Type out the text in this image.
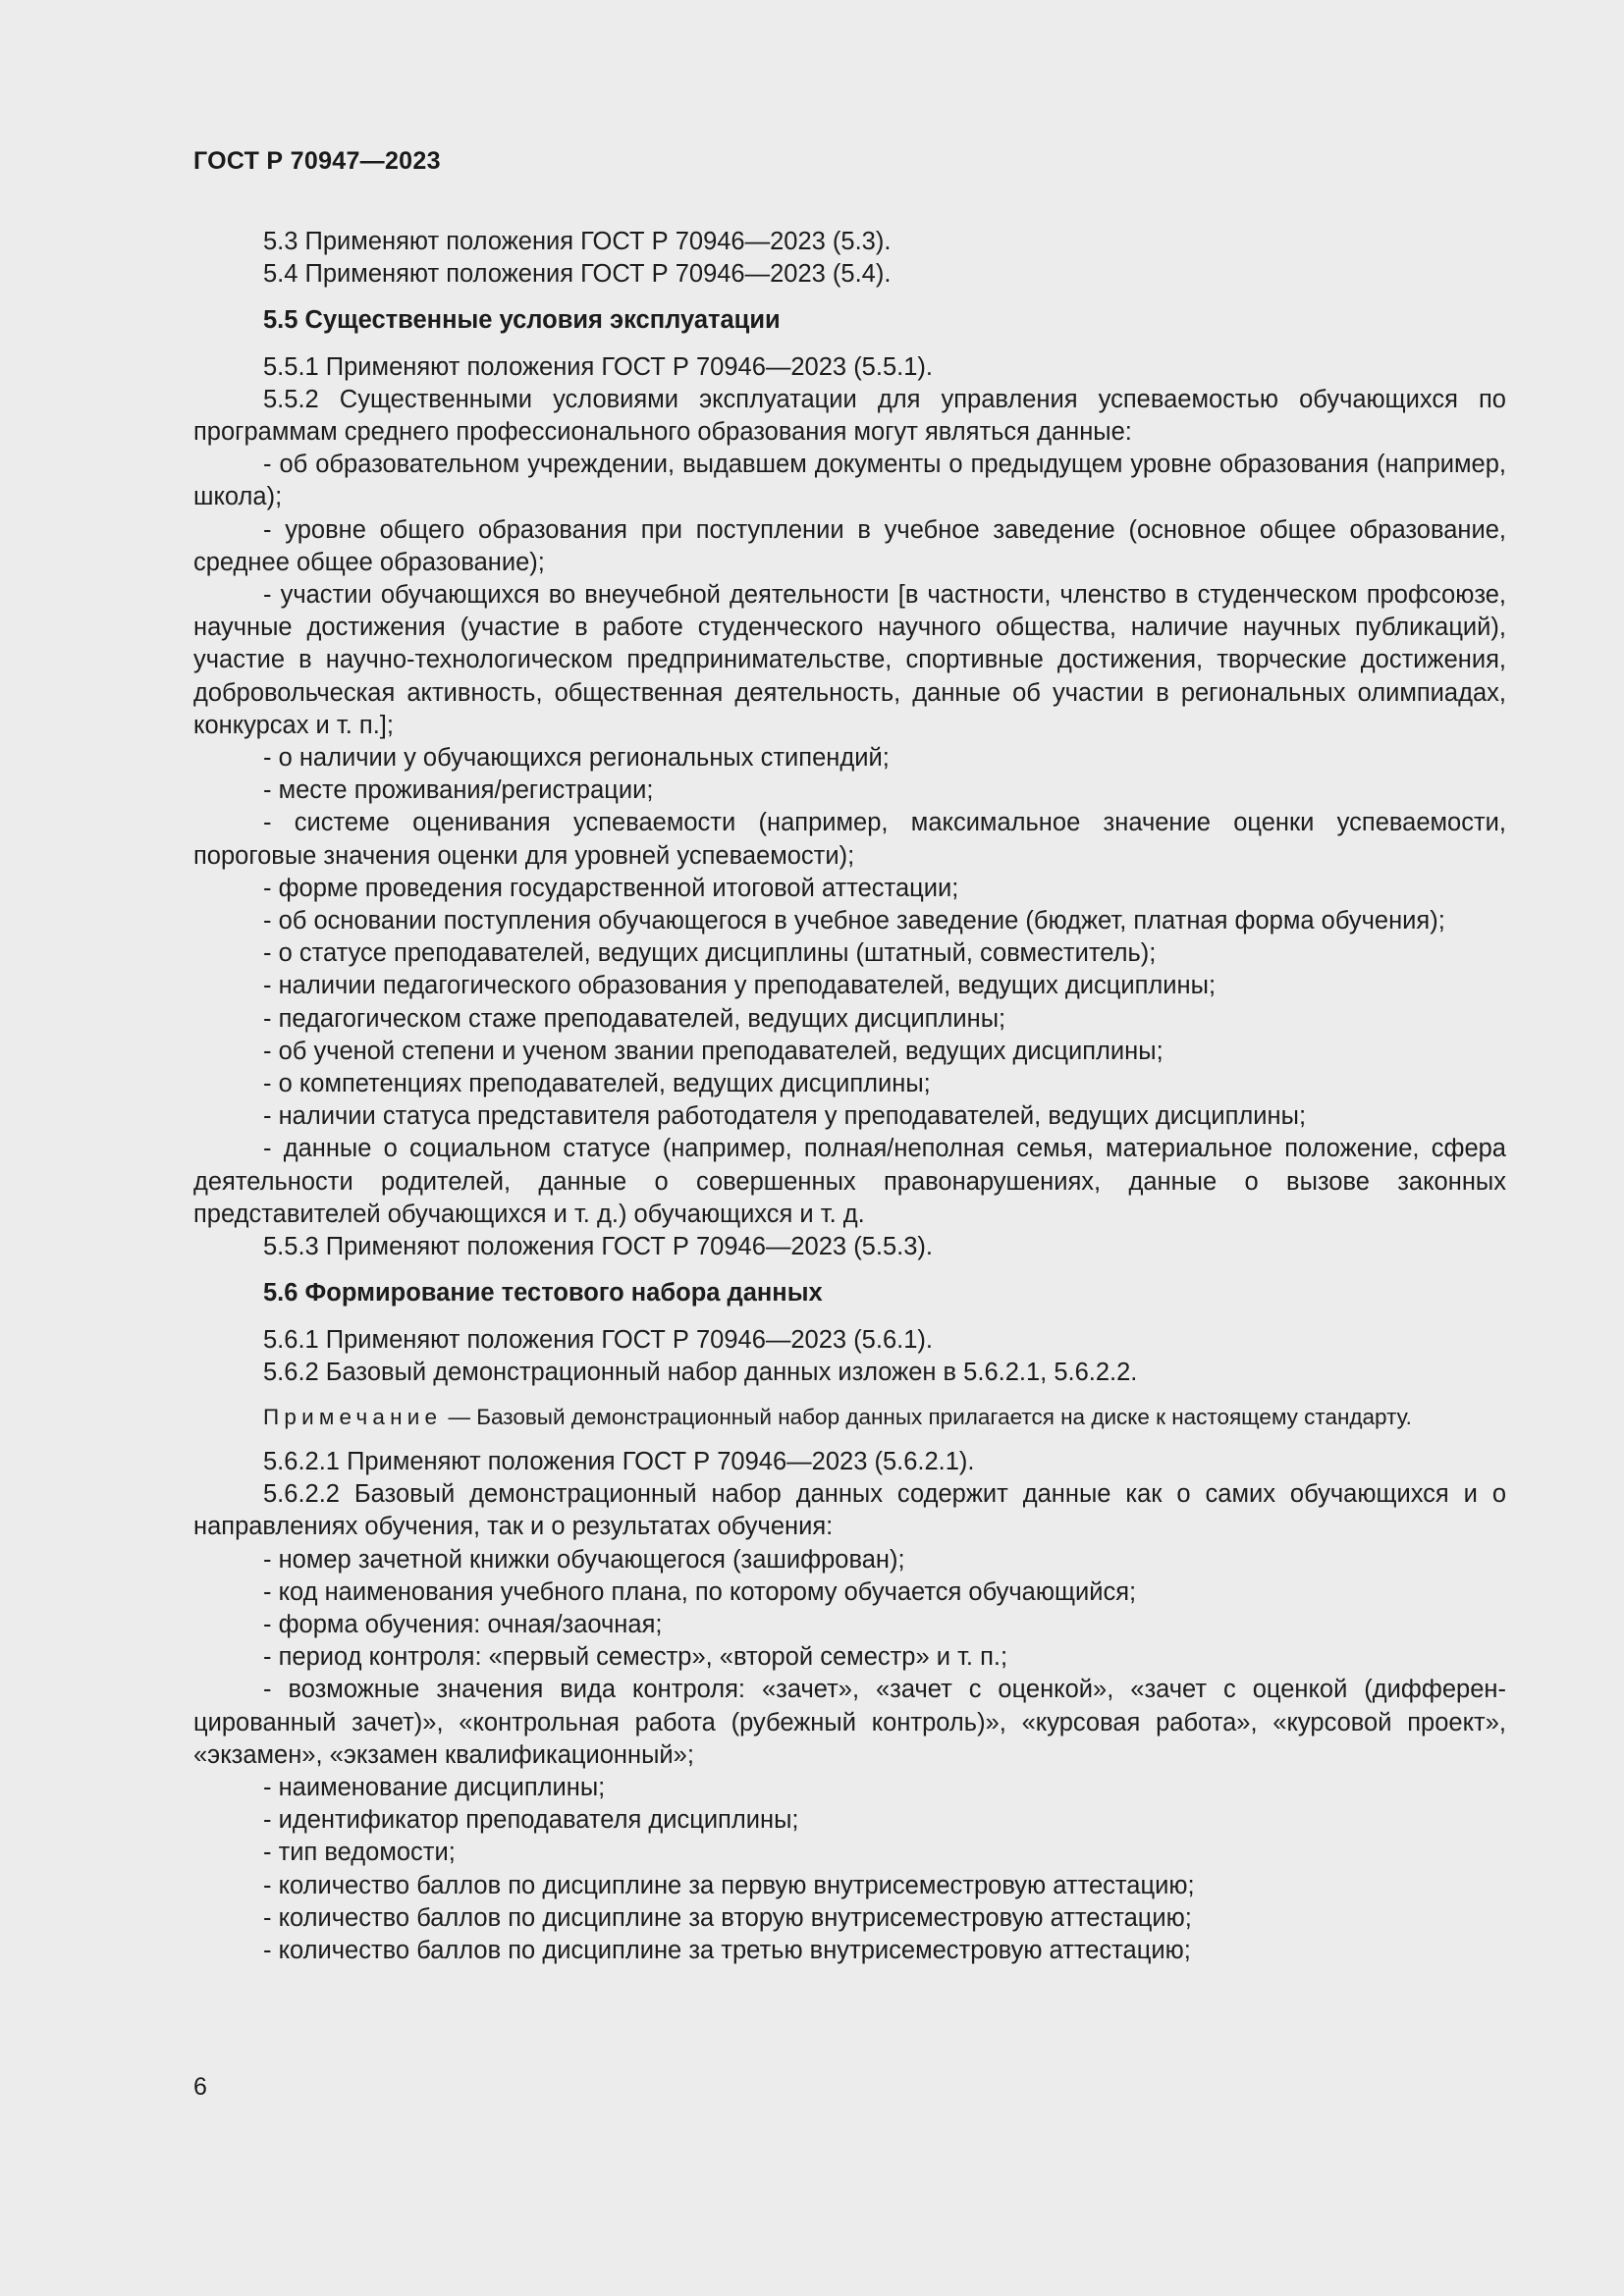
ГОСТ Р 70947—2023

5.3 Применяют положения ГОСТ Р 70946—2023 (5.3).

5.4 Применяют положения ГОСТ Р 70946—2023 (5.4).

5.5 Существенные условия эксплуатации

5.5.1 Применяют положения ГОСТ Р 70946—2023 (5.5.1).

5.5.2 Существенными условиями эксплуатации для управления успеваемостью обучающихся по программам среднего профессионального образования могут являться данные:

- об образовательном учреждении, выдавшем документы о предыдущем уровне образования (например, школа);

- уровне общего образования при поступлении в учебное заведение (основное общее образование, среднее общее образование);

- участии обучающихся во внеучебной деятельности [в частности, членство в студенческом профсоюзе, научные достижения (участие в работе студенческого научного общества, наличие научных публикаций), участие в научно-технологическом предпринимательстве, спортивные достижения, творческие достижения, добровольческая активность, общественная деятельность, данные об участии в региональных олимпиадах, конкурсах и т. п.];

- о наличии у обучающихся региональных стипендий;

- месте проживания/регистрации;

- системе оценивания успеваемости (например, максимальное значение оценки успеваемости, пороговые значения оценки для уровней успеваемости);

- форме проведения государственной итоговой аттестации;

- об основании поступления обучающегося в учебное заведение (бюджет, платная форма обучения);

- о статусе преподавателей, ведущих дисциплины (штатный, совместитель);

- наличии педагогического образования у преподавателей, ведущих дисциплины;

- педагогическом стаже преподавателей, ведущих дисциплины;

- об ученой степени и ученом звании преподавателей, ведущих дисциплины;

- о компетенциях преподавателей, ведущих дисциплины;

- наличии статуса представителя работодателя у преподавателей, ведущих дисциплины;

- данные о социальном статусе (например, полная/неполная семья, материальное положение, сфера деятельности родителей, данные о совершенных правонарушениях, данные о вызове законных представителей обучающихся и т. д.) обучающихся и т. д.

5.5.3 Применяют положения ГОСТ Р 70946—2023 (5.5.3).

5.6 Формирование тестового набора данных

5.6.1 Применяют положения ГОСТ Р 70946—2023 (5.6.1).

5.6.2 Базовый демонстрационный набор данных изложен в 5.6.2.1, 5.6.2.2.

Примечание — Базовый демонстрационный набор данных прилагается на диске к настоящему стандарту.

5.6.2.1 Применяют положения ГОСТ Р 70946—2023 (5.6.2.1).

5.6.2.2 Базовый демонстрационный набор данных содержит данные как о самих обучающихся и о направлениях обучения, так и о результатах обучения:

- номер зачетной книжки обучающегося (зашифрован);

- код наименования учебного плана, по которому обучается обучающийся;

- форма обучения: очная/заочная;

- период контроля: «первый семестр», «второй семестр» и т. п.;

- возможные значения вида контроля: «зачет», «зачет с оценкой», «зачет с оценкой (дифференцированный зачет)», «контрольная работа (рубежный контроль)», «курсовая работа», «курсовой проект», «экзамен», «экзамен квалификационный»;

- наименование дисциплины;

- идентификатор преподавателя дисциплины;

- тип ведомости;

- количество баллов по дисциплине за первую внутрисеместровую аттестацию;

- количество баллов по дисциплине за вторую внутрисеместровую аттестацию;

- количество баллов по дисциплине за третью внутрисеместровую аттестацию;

6
